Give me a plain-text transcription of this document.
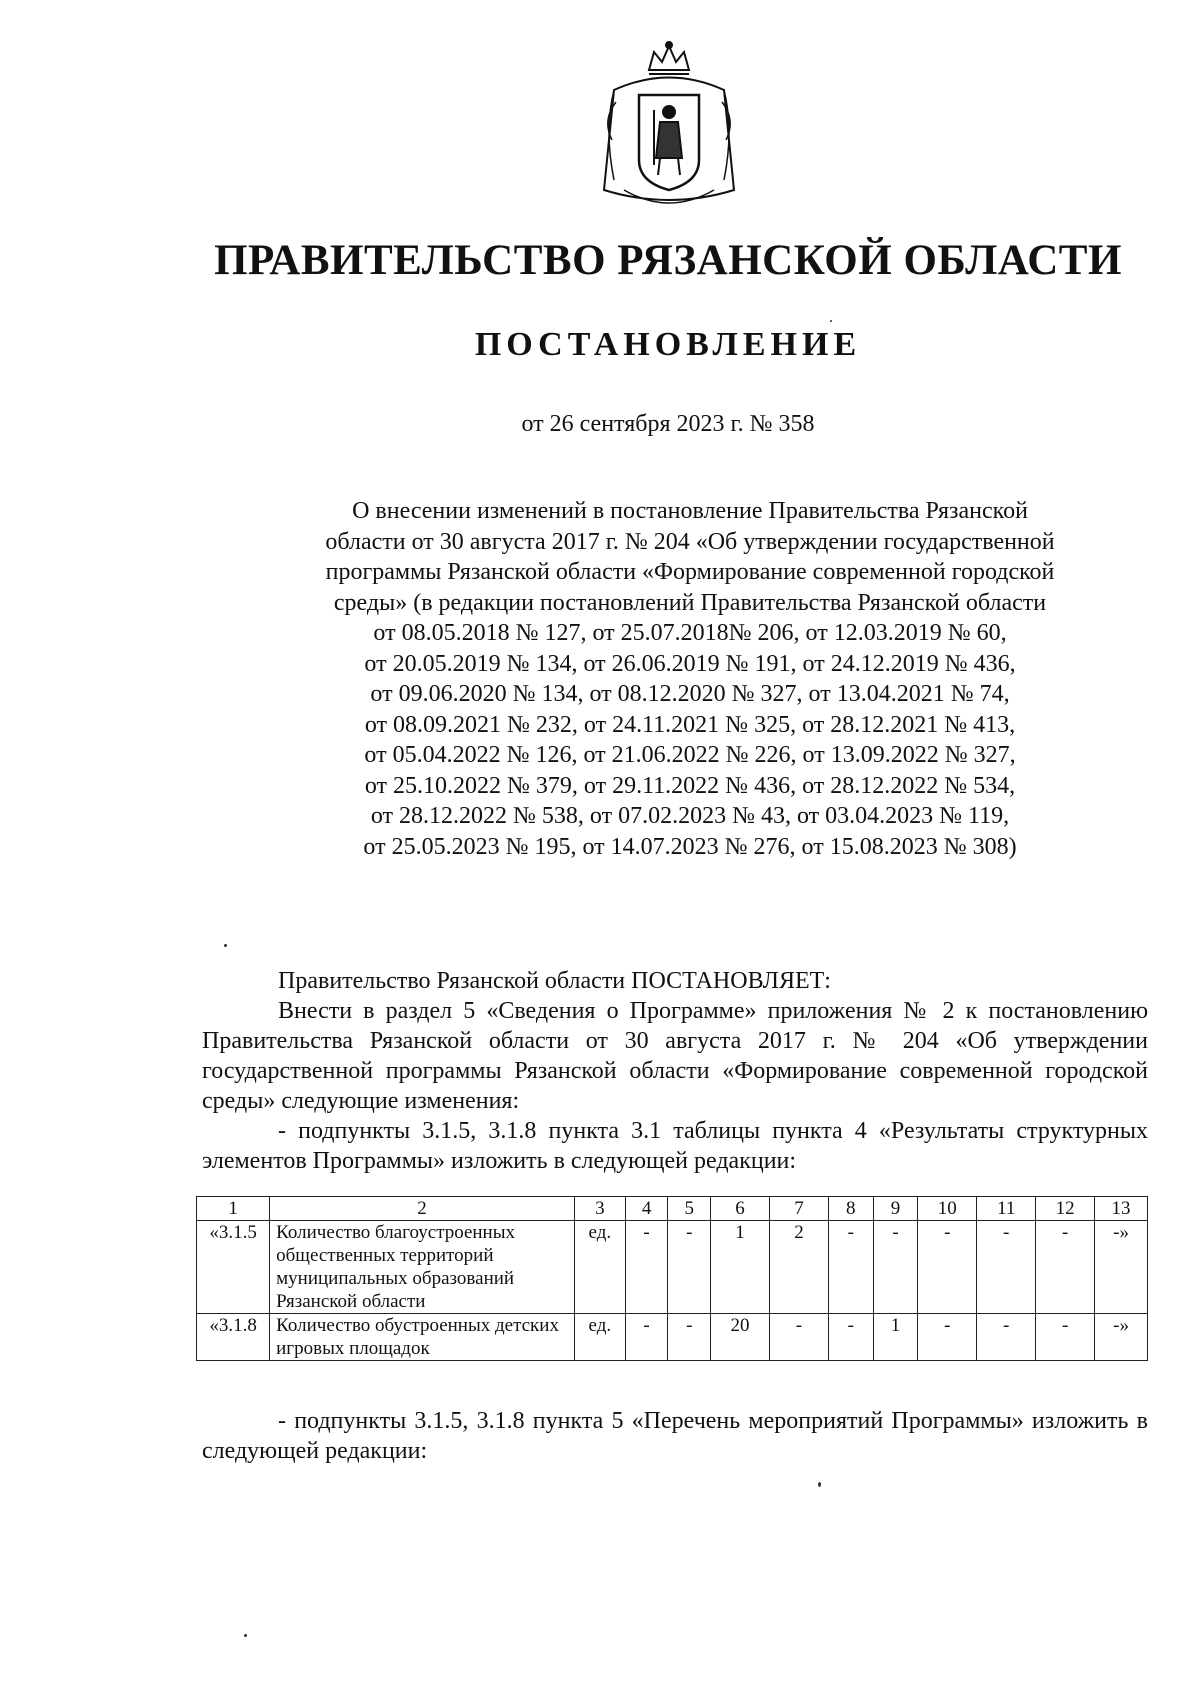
ПРАВИТЕЛЬСТВО РЯЗАНСКОЙ ОБЛАСТИ
ПОСТАНОВЛЕНИЕ
от 26 сентября 2023 г. № 358
О внесении изменений в постановление Правительства Рязанской
области от 30 августа 2017 г. № 204 «Об утверждении государственной
программы Рязанской области «Формирование современной городской
среды» (в редакции постановлений Правительства Рязанской области
от 08.05.2018 № 127, от 25.07.2018№ 206, от 12.03.2019 № 60,
от 20.05.2019 № 134, от 26.06.2019 № 191, от 24.12.2019 № 436,
от 09.06.2020 № 134, от 08.12.2020 № 327, от 13.04.2021 № 74,
от 08.09.2021 № 232, от 24.11.2021 № 325, от 28.12.2021 № 413,
от 05.04.2022 № 126, от 21.06.2022 № 226, от 13.09.2022 № 327,
от 25.10.2022 № 379, от 29.11.2022 № 436, от 28.12.2022 № 534,
от 28.12.2022 № 538, от 07.02.2023 № 43, от 03.04.2023 № 119,
от 25.05.2023 № 195, от 14.07.2023 № 276, от 15.08.2023 № 308)

Правительство Рязанской области ПОСТАНОВЛЯЕТ:

Внести в раздел 5 «Сведения о Программе» приложения № 2 к постановлению Правительства Рязанской области от 30 августа 2017 г. № 204 «Об утверждении государственной программы Рязанской области «Формирование современной городской среды» следующие изменения:

- подпункты 3.1.5, 3.1.8 пункта 3.1 таблицы пункта 4 «Результаты структурных элементов Программы» изложить в следующей редакции:

1	2	3	4	5	6	7	8	9	10	11	12	13
«3.1.5	Количество благоустроенных общественных территорий муниципальных образований Рязанской области	ед.	-	-	1	2	-	-	-	-	-	-»
«3.1.8	Количество обустроенных детских игровых площадок	ед.	-	-	20	-	-	1	-	-	-	-»

- подпункты 3.1.5, 3.1.8 пункта 5 «Перечень мероприятий Программы» изложить в следующей редакции:
